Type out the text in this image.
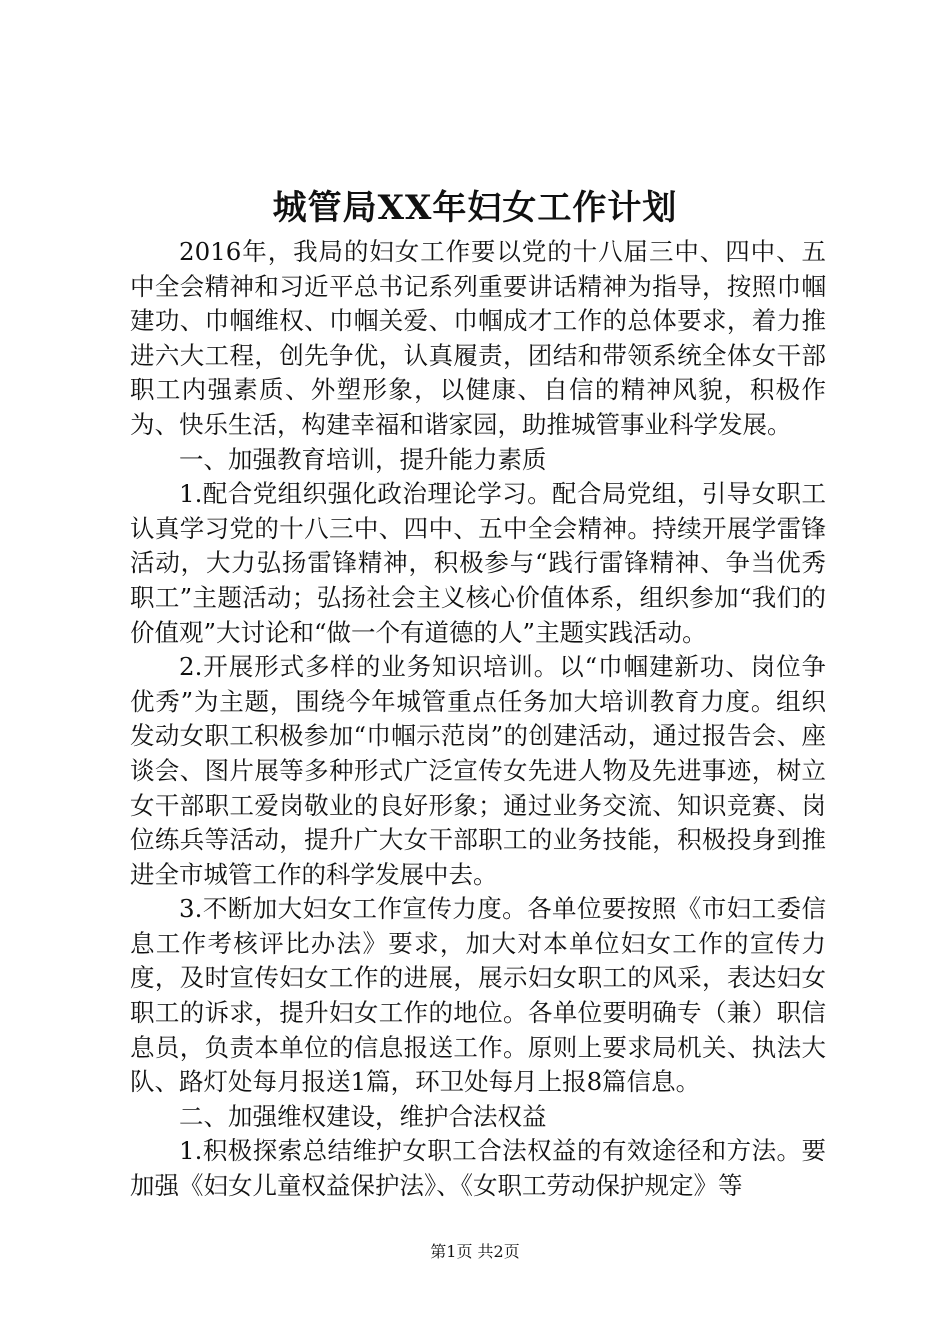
城管局XX年妇女工作计划

2016年，我局的妇女工作要以党的十八届三中、四中、五中全会精神和习近平总书记系列重要讲话精神为指导，按照巾帼建功、巾帼维权、巾帼关爱、巾帼成才工作的总体要求，着力推进六大工程，创先争优，认真履责，团结和带领系统全体女干部职工内强素质、外塑形象，以健康、自信的精神风貌，积极作为、快乐生活，构建幸福和谐家园，助推城管事业科学发展。

一、加强教育培训，提升能力素质

1.配合党组织强化政治理论学习。配合局党组，引导女职工认真学习党的十八三中、四中、五中全会精神。持续开展学雷锋活动，大力弘扬雷锋精神，积极参与“践行雷锋精神、争当优秀职工”主题活动；弘扬社会主义核心价值体系，组织参加“我们的价值观”大讨论和“做一个有道德的人”主题实践活动。

2.开展形式多样的业务知识培训。以“巾帼建新功、岗位争优秀”为主题，围绕今年城管重点任务加大培训教育力度。组织发动女职工积极参加“巾帼示范岗”的创建活动，通过报告会、座谈会、图片展等多种形式广泛宣传女先进人物及先进事迹，树立女干部职工爱岗敬业的良好形象；通过业务交流、知识竞赛、岗位练兵等活动，提升广大女干部职工的业务技能，积极投身到推进全市城管工作的科学发展中去。

3.不断加大妇女工作宣传力度。各单位要按照《市妇工委信息工作考核评比办法》要求，加大对本单位妇女工作的宣传力度，及时宣传妇女工作的进展，展示妇女职工的风采，表达妇女职工的诉求，提升妇女工作的地位。各单位要明确专（兼）职信息员，负责本单位的信息报送工作。原则上要求局机关、执法大队、路灯处每月报送1篇，环卫处每月上报8篇信息。

二、加强维权建设，维护合法权益

1.积极探索总结维护女职工合法权益的有效途径和方法。要加强《妇女儿童权益保护法》、《女职工劳动保护规定》等

第1页 共2页
